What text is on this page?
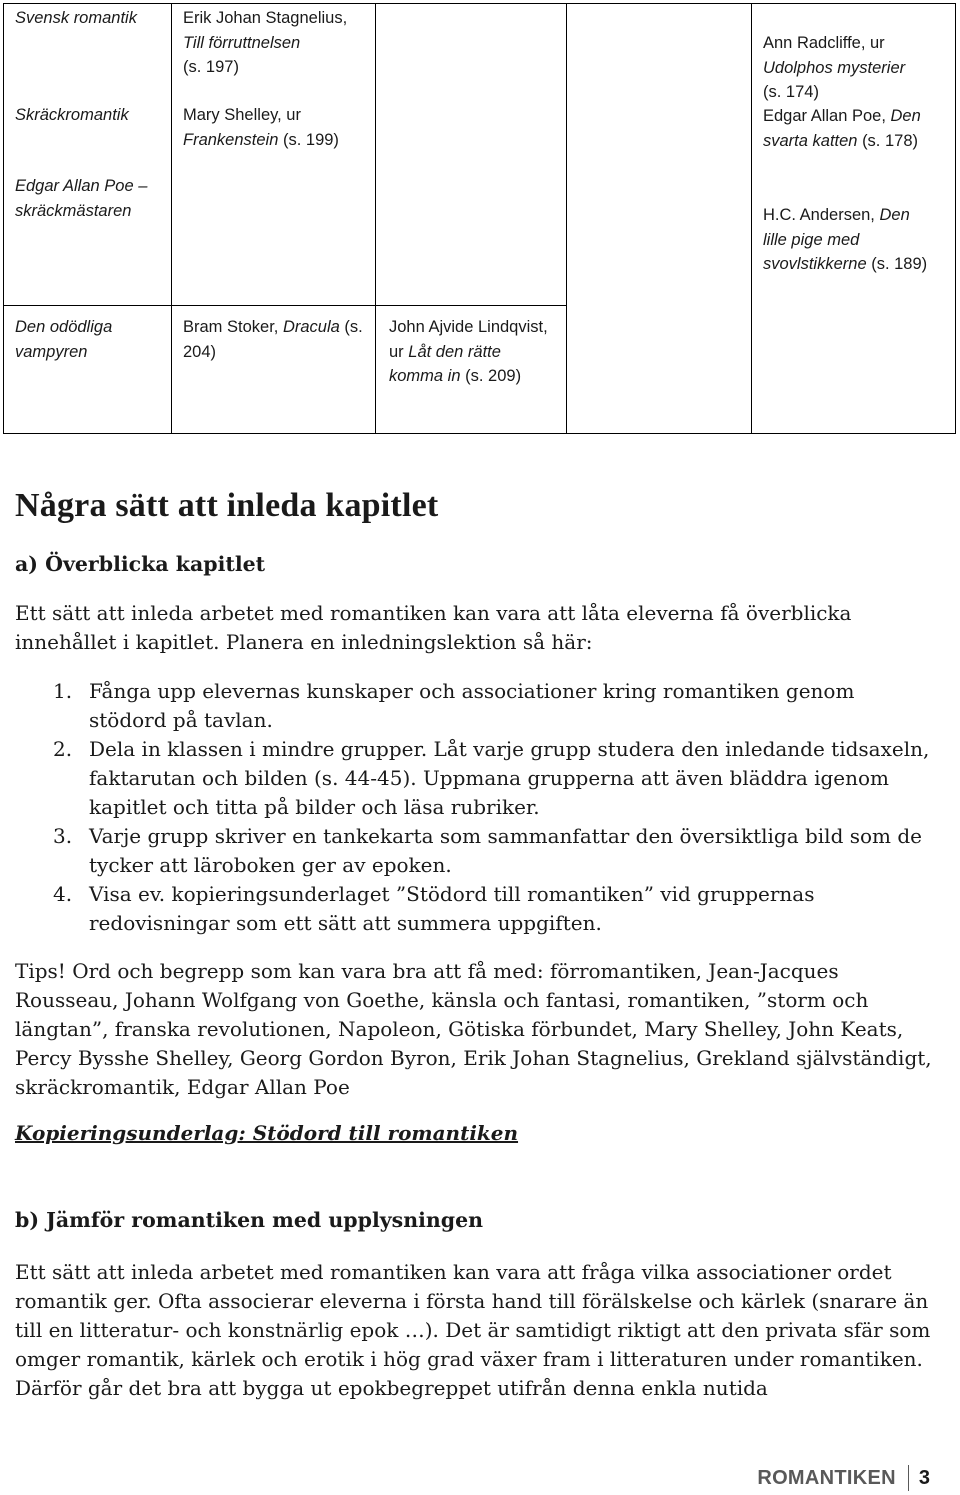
Svensk romantik
Skräckromantik
Edgar Allan Poe – skräckmästaren
Erik Johan Stagnelius,
Till förruttnelsen
(s. 197)
Mary Shelley, ur
Frankenstein (s. 199)
Ann Radcliffe, ur
Udolphos mysterier
(s. 174)
Edgar Allan Poe, Den svarta katten (s. 178)
H.C. Andersen, Den lille pige med svovlstikkerne (s. 189)
Den odödliga vampyren
Bram Stoker, Dracula (s. 204)
John Ajvide Lindqvist, ur Låt den rätte komma in (s. 209)
Några sätt att inleda kapitlet
a) Överblicka kapitlet
Ett sätt att inleda arbetet med romantiken kan vara att låta eleverna få överblicka
innehållet i kapitlet. Planera en inledningslektion så här:
1. Fånga upp elevernas kunskaper och associationer kring romantiken genom stödord på tavlan.
2. Dela in klassen i mindre grupper. Låt varje grupp studera den inledande tidsaxeln, faktarutan och bilden (s. 44-45). Uppmana grupperna att även bläddra igenom kapitlet och titta på bilder och läsa rubriker.
3. Varje grupp skriver en tankekarta som sammanfattar den översiktliga bild som de tycker att läroboken ger av epoken.
4. Visa ev. kopieringsunderlaget ”Stödord till romantiken” vid gruppernas redovisningar som ett sätt att summera uppgiften.
Tips! Ord och begrepp som kan vara bra att få med: förromantiken, Jean-Jacques Rousseau, Johann Wolfgang von Goethe, känsla och fantasi, romantiken, ”storm och längtan”, franska revolutionen, Napoleon, Götiska förbundet, Mary Shelley, John Keats, Percy Bysshe Shelley, Georg Gordon Byron, Erik Johan Stagnelius, Grekland självständigt, skräckromantik, Edgar Allan Poe
Kopieringsunderlag: Stödord till romantiken
b) Jämför romantiken med upplysningen
Ett sätt att inleda arbetet med romantiken kan vara att fråga vilka associationer ordet romantik ger. Ofta associerar eleverna i första hand till förälskelse och kärlek (snarare än till en litteratur- och konstnärlig epok …). Det är samtidigt riktigt att den privata sfär som omger romantik, kärlek och erotik i hög grad växer fram i litteraturen under romantiken. Därför går det bra att bygga ut epokbegreppet utifrån denna enkla nutida
ROMANTIKEN 3
